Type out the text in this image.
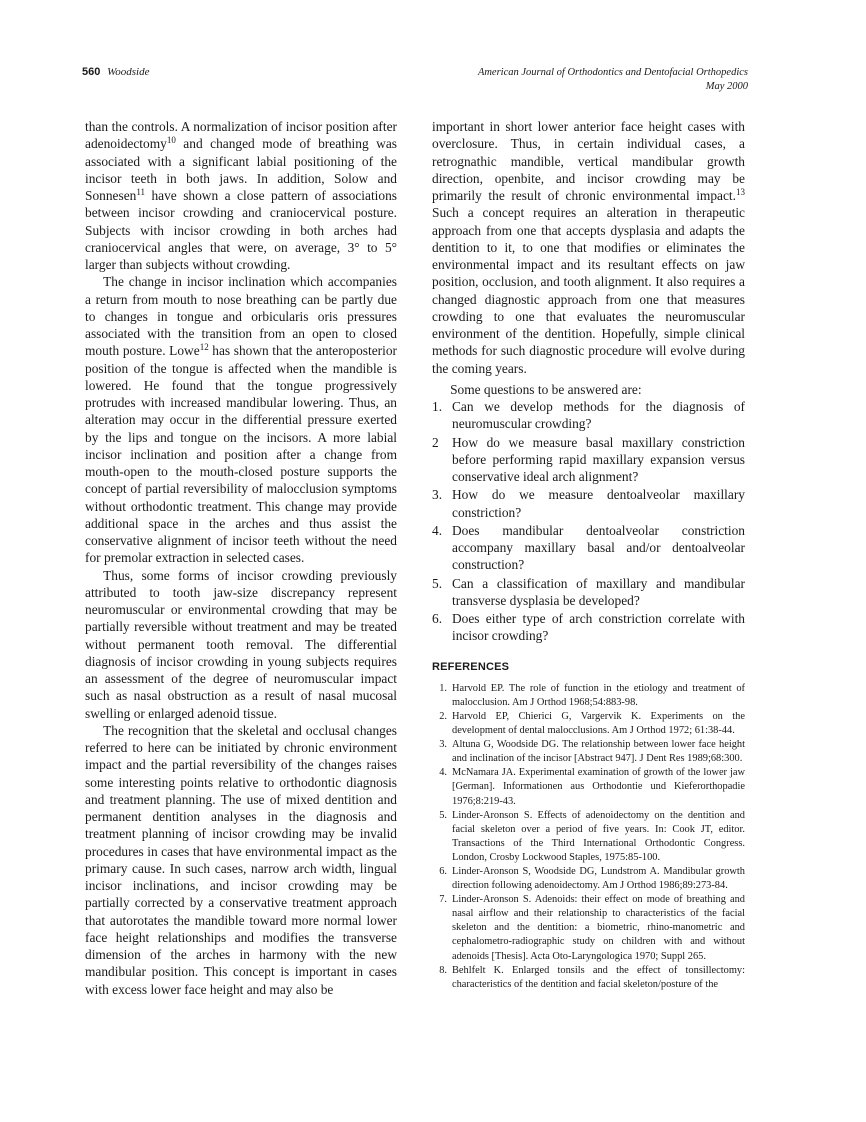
560 Woodside	American Journal of Orthodontics and Dentofacial Orthopedics
May 2000

than the controls. A normalization of incisor position after adenoidectomy$^{10}$ and changed mode of breathing was associated with a significant labial positioning of the incisor teeth in both jaws. In addition, Solow and Sonnesen$^{11}$ have shown a close pattern of associations between incisor crowding and craniocervical posture. Subjects with incisor crowding in both arches had craniocervical angles that were, on average, 3° to 5° larger than subjects without crowding.

The change in incisor inclination which accompanies a return from mouth to nose breathing can be partly due to changes in tongue and orbicularis oris pressures associated with the transition from an open to closed mouth posture. Lowe$^{12}$ has shown that the anteroposterior position of the tongue is affected when the mandible is lowered. He found that the tongue progressively protrudes with increased mandibular lowering. Thus, an alteration may occur in the differential pressure exerted by the lips and tongue on the incisors. A more labial incisor inclination and position after a change from mouth-open to the mouth-closed posture supports the concept of partial reversibility of malocclusion symptoms without orthodontic treatment. This change may provide additional space in the arches and thus assist the conservative alignment of incisor teeth without the need for premolar extraction in selected cases.

Thus, some forms of incisor crowding previously attributed to tooth jaw-size discrepancy represent neuromuscular or environmental crowding that may be partially reversible without treatment and may be treated without permanent tooth removal. The differential diagnosis of incisor crowding in young subjects requires an assessment of the degree of neuromuscular impact such as nasal obstruction as a result of nasal mucosal swelling or enlarged adenoid tissue.

The recognition that the skeletal and occlusal changes referred to here can be initiated by chronic environment impact and the partial reversibility of the changes raises some interesting points relative to orthodontic diagnosis and treatment planning. The use of mixed dentition and permanent dentition analyses in the diagnosis and treatment planning of incisor crowding may be invalid procedures in cases that have environmental impact as the primary cause. In such cases, narrow arch width, lingual incisor inclinations, and incisor crowding may be partially corrected by a conservative treatment approach that autorotates the mandible toward more normal lower face height relationships and modifies the transverse dimension of the arches in harmony with the new mandibular position. This concept is important in cases with excess lower face height and may also be

important in short lower anterior face height cases with overclosure. Thus, in certain individual cases, a retrognathic mandible, vertical mandibular growth direction, openbite, and incisor crowding may be primarily the result of chronic environmental impact.$^{13}$ Such a concept requires an alteration in therapeutic approach from one that accepts dysplasia and adapts the dentition to it, to one that modifies or eliminates the environmental impact and its resultant effects on jaw position, occlusion, and tooth alignment. It also requires a changed diagnostic approach from one that measures crowding to one that evaluates the neuromuscular environment of the dentition. Hopefully, simple clinical methods for such diagnostic procedure will evolve during the coming years.

Some questions to be answered are:

1. Can we develop methods for the diagnosis of neuromuscular crowding?
2 How do we measure basal maxillary constriction before performing rapid maxillary expansion versus conservative ideal arch alignment?
3. How do we measure dentoalveolar maxillary constriction?
4. Does mandibular dentoalveolar constriction accompany maxillary basal and/or dentoalveolar construction?
5. Can a classification of maxillary and mandibular transverse dysplasia be developed?
6. Does either type of arch constriction correlate with incisor crowding?
REFERENCES
1. Harvold EP. The role of function in the etiology and treatment of malocclusion. Am J Orthod 1968;54:883-98.
2. Harvold EP, Chierici G, Vargervik K. Experiments on the development of dental malocclusions. Am J Orthod 1972; 61:38-44.
3. Altuna G, Woodside DG. The relationship between lower face height and inclination of the incisor [Abstract 947]. J Dent Res 1989;68:300.
4. McNamara JA. Experimental examination of growth of the lower jaw [German]. Informationen aus Orthodontie und Kieferorthopadie 1976;8:219-43.
5. Linder-Aronson S. Effects of adenoidectomy on the dentition and facial skeleton over a period of five years. In: Cook JT, editor. Transactions of the Third International Orthodontic Congress. London, Crosby Lockwood Staples, 1975:85-100.
6. Linder-Aronson S, Woodside DG, Lundstrom A. Mandibular growth direction following adenoidectomy. Am J Orthod 1986;89:273-84.
7. Linder-Aronson S. Adenoids: their effect on mode of breathing and nasal airflow and their relationship to characteristics of the facial skeleton and the dentition: a biometric, rhino-manometric and cephalometro-radiographic study on children with and without adenoids [Thesis]. Acta Oto-Laryngologica 1970; Suppl 265.
8. Behlfelt K. Enlarged tonsils and the effect of tonsillectomy: characteristics of the dentition and facial skeleton/posture of the
